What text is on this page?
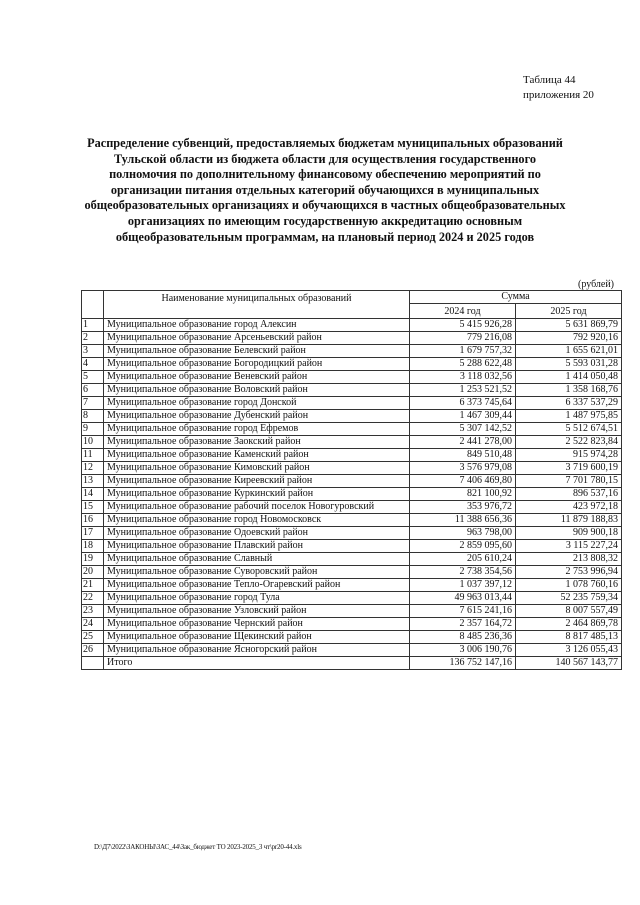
Таблица 44
приложения 20
Распределение субвенций, предоставляемых бюджетам муниципальных образований Тульской области из бюджета области для осуществления государственного полномочия по дополнительному финансовому обеспечению мероприятий по организации питания отдельных категорий обучающихся в муниципальных общеобразовательных организациях и обучающихся в частных общеобразовательных организациях по имеющим государственную аккредитацию основным общеобразовательным программам, на плановый период 2024 и 2025 годов
(рублей)
	Наименование муниципальных образований	Сумма	
		2024 год	2025 год
1	Муниципальное образование город Алексин	5 415 926,28	5 631 869,79
2	Муниципальное образование Арсеньевский район	779 216,08	792 920,16
3	Муниципальное образование Белевский район	1 679 757,32	1 655 621,01
4	Муниципальное образование Богородицкий район	5 288 622,48	5 593 031,28
5	Муниципальное образование Веневский район	3 118 032,56	1 414 050,48
6	Муниципальное образование Воловский район	1 253 521,52	1 358 168,76
7	Муниципальное образование город Донской	6 373 745,64	6 337 537,29
8	Муниципальное образование Дубенский район	1 467 309,44	1 487 975,85
9	Муниципальное образование город Ефремов	5 307 142,52	5 512 674,51
10	Муниципальное образование Заокский район	2 441 278,00	2 522 823,84
11	Муниципальное образование Каменский район	849 510,48	915 974,28
12	Муниципальное образование Кимовский район	3 576 979,08	3 719 600,19
13	Муниципальное образование Киреевский район	7 406 469,80	7 701 780,15
14	Муниципальное образование Куркинский район	821 100,92	896 537,16
15	Муниципальное образование рабочий поселок Новогуровский	353 976,72	423 972,18
16	Муниципальное образование город Новомосковск	11 388 656,36	11 879 188,83
17	Муниципальное образование Одоевский район	963 798,00	909 900,18
18	Муниципальное образование Плавский район	2 859 095,60	3 115 227,24
19	Муниципальное образование Славный	205 610,24	213 808,32
20	Муниципальное образование Суворовский район	2 738 354,56	2 753 996,94
21	Муниципальное образование Тепло-Огаревский район	1 037 397,12	1 078 760,16
22	Муниципальное образование город Тула	49 963 013,44	52 235 759,34
23	Муниципальное образование Узловский район	7 615 241,16	8 007 557,49
24	Муниципальное образование Чернский район	2 357 164,72	2 464 869,78
25	Муниципальное образование Щекинский район	8 485 236,36	8 817 485,13
26	Муниципальное образование Ясногорский район	3 006 190,76	3 126 055,43
	Итого	136 752 147,16	140 567 143,77
D:\Д7\2022\ЗАКОНЫ\ЗАС_44\Зак_бюджет ТО 2023-2025_3 чт\pr20-44.xls
